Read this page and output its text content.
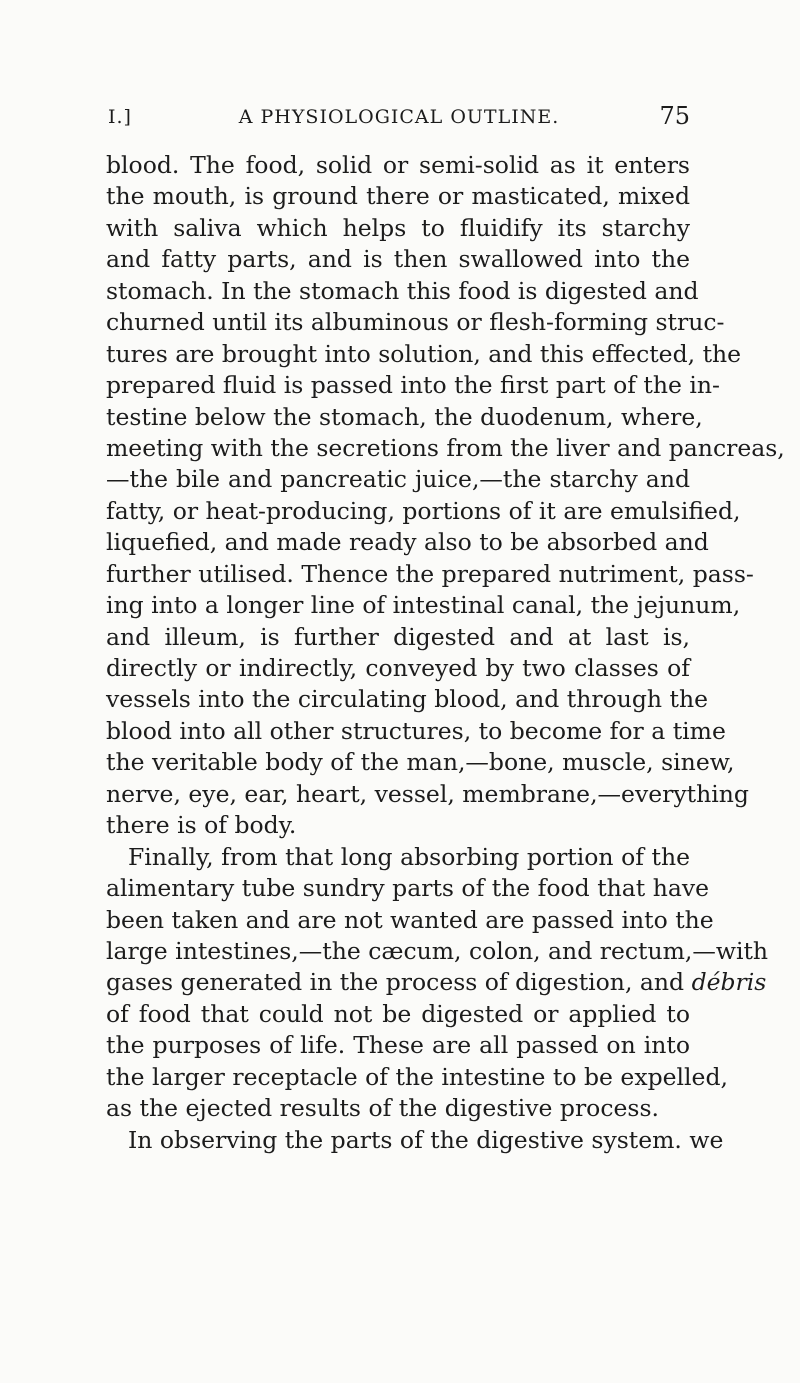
I.]	A PHYSIOLOGICAL OUTLINE.	75
blood. The food, solid or semi-solid as it enters
the mouth, is ground there or masticated, mixed
with saliva which helps to fluidify its starchy
and fatty parts, and is then swallowed into the
stomach. In the stomach this food is digested and
churned until its albuminous or flesh-forming struc-
tures are brought into solution, and this effected, the
prepared fluid is passed into the first part of the in-
testine below the stomach, the duodenum, where,
meeting with the secretions from the liver and pancreas,
—the bile and pancreatic juice,—the starchy and
fatty, or heat-producing, portions of it are emulsified,
liquefied, and made ready also to be absorbed and
further utilised. Thence the prepared nutriment, pass-
ing into a longer line of intestinal canal, the jejunum,
and illeum, is further digested and at last is,
directly or indirectly, conveyed by two classes of
vessels into the circulating blood, and through the
blood into all other structures, to become for a time
the veritable body of the man,—bone, muscle, sinew,
nerve, eye, ear, heart, vessel, membrane,—everything
there is of body.
Finally, from that long absorbing portion of the
alimentary tube sundry parts of the food that have
been taken and are not wanted are passed into the
large intestines,—the cæcum, colon, and rectum,—with
gases generated in the process of digestion, and débris
of food that could not be digested or applied to
the purposes of life. These are all passed on into
the larger receptacle of the intestine to be expelled,
as the ejected results of the digestive process.
In observing the parts of the digestive system. we
